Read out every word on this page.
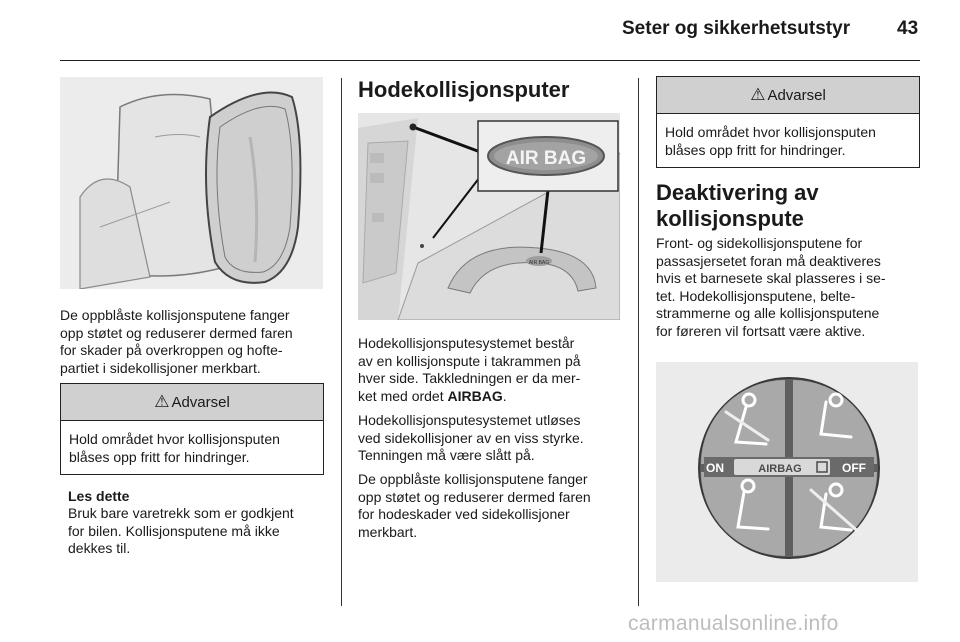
Seter og sikkerhetsutstyr 43

De oppblåste kollisjonsputene fanger
opp støtet og reduserer dermed faren
for skader på overkroppen og hofte-
partiet i sidekollisjoner merkbart.

⚠ Advarsel
Hold området hvor kollisjonsputen
blåses opp fritt for hindringer.
Les dette

Bruk bare varetrekk som er godkjent
for bilen. Kollisjonsputene må ikke
dekkes til.

Hodekollisjonsputer
AIR BAG
AIR BAG

Hodekollisjonsputesystemet består
av en kollisjonspute i takrammen på
hver side. Takkledningen er da mer-
ket med ordet AIRBAG.

Hodekollisjonsputesystemet utløses
ved sidekollisjoner av en viss styrke.
Tenningen må være slått på.

De oppblåste kollisjonsputene fanger
opp støtet og reduserer dermed faren
for hodeskader ved sidekollisjoner
merkbart.

⚠ Advarsel
Hold området hvor kollisjonsputen
blåses opp fritt for hindringer.
Deaktivering av
kollisjonspute

Front- og sidekollisjonsputene for
passasjersetet foran må deaktiveres
hvis et barnesete skal plasseres i se-
tet. Hodekollisjonsputene, belte-
strammerne og alle kollisjonsputene
for føreren vil fortsatt være aktive.

ON	AIRBAG	OFF
carmanualsonline.info
